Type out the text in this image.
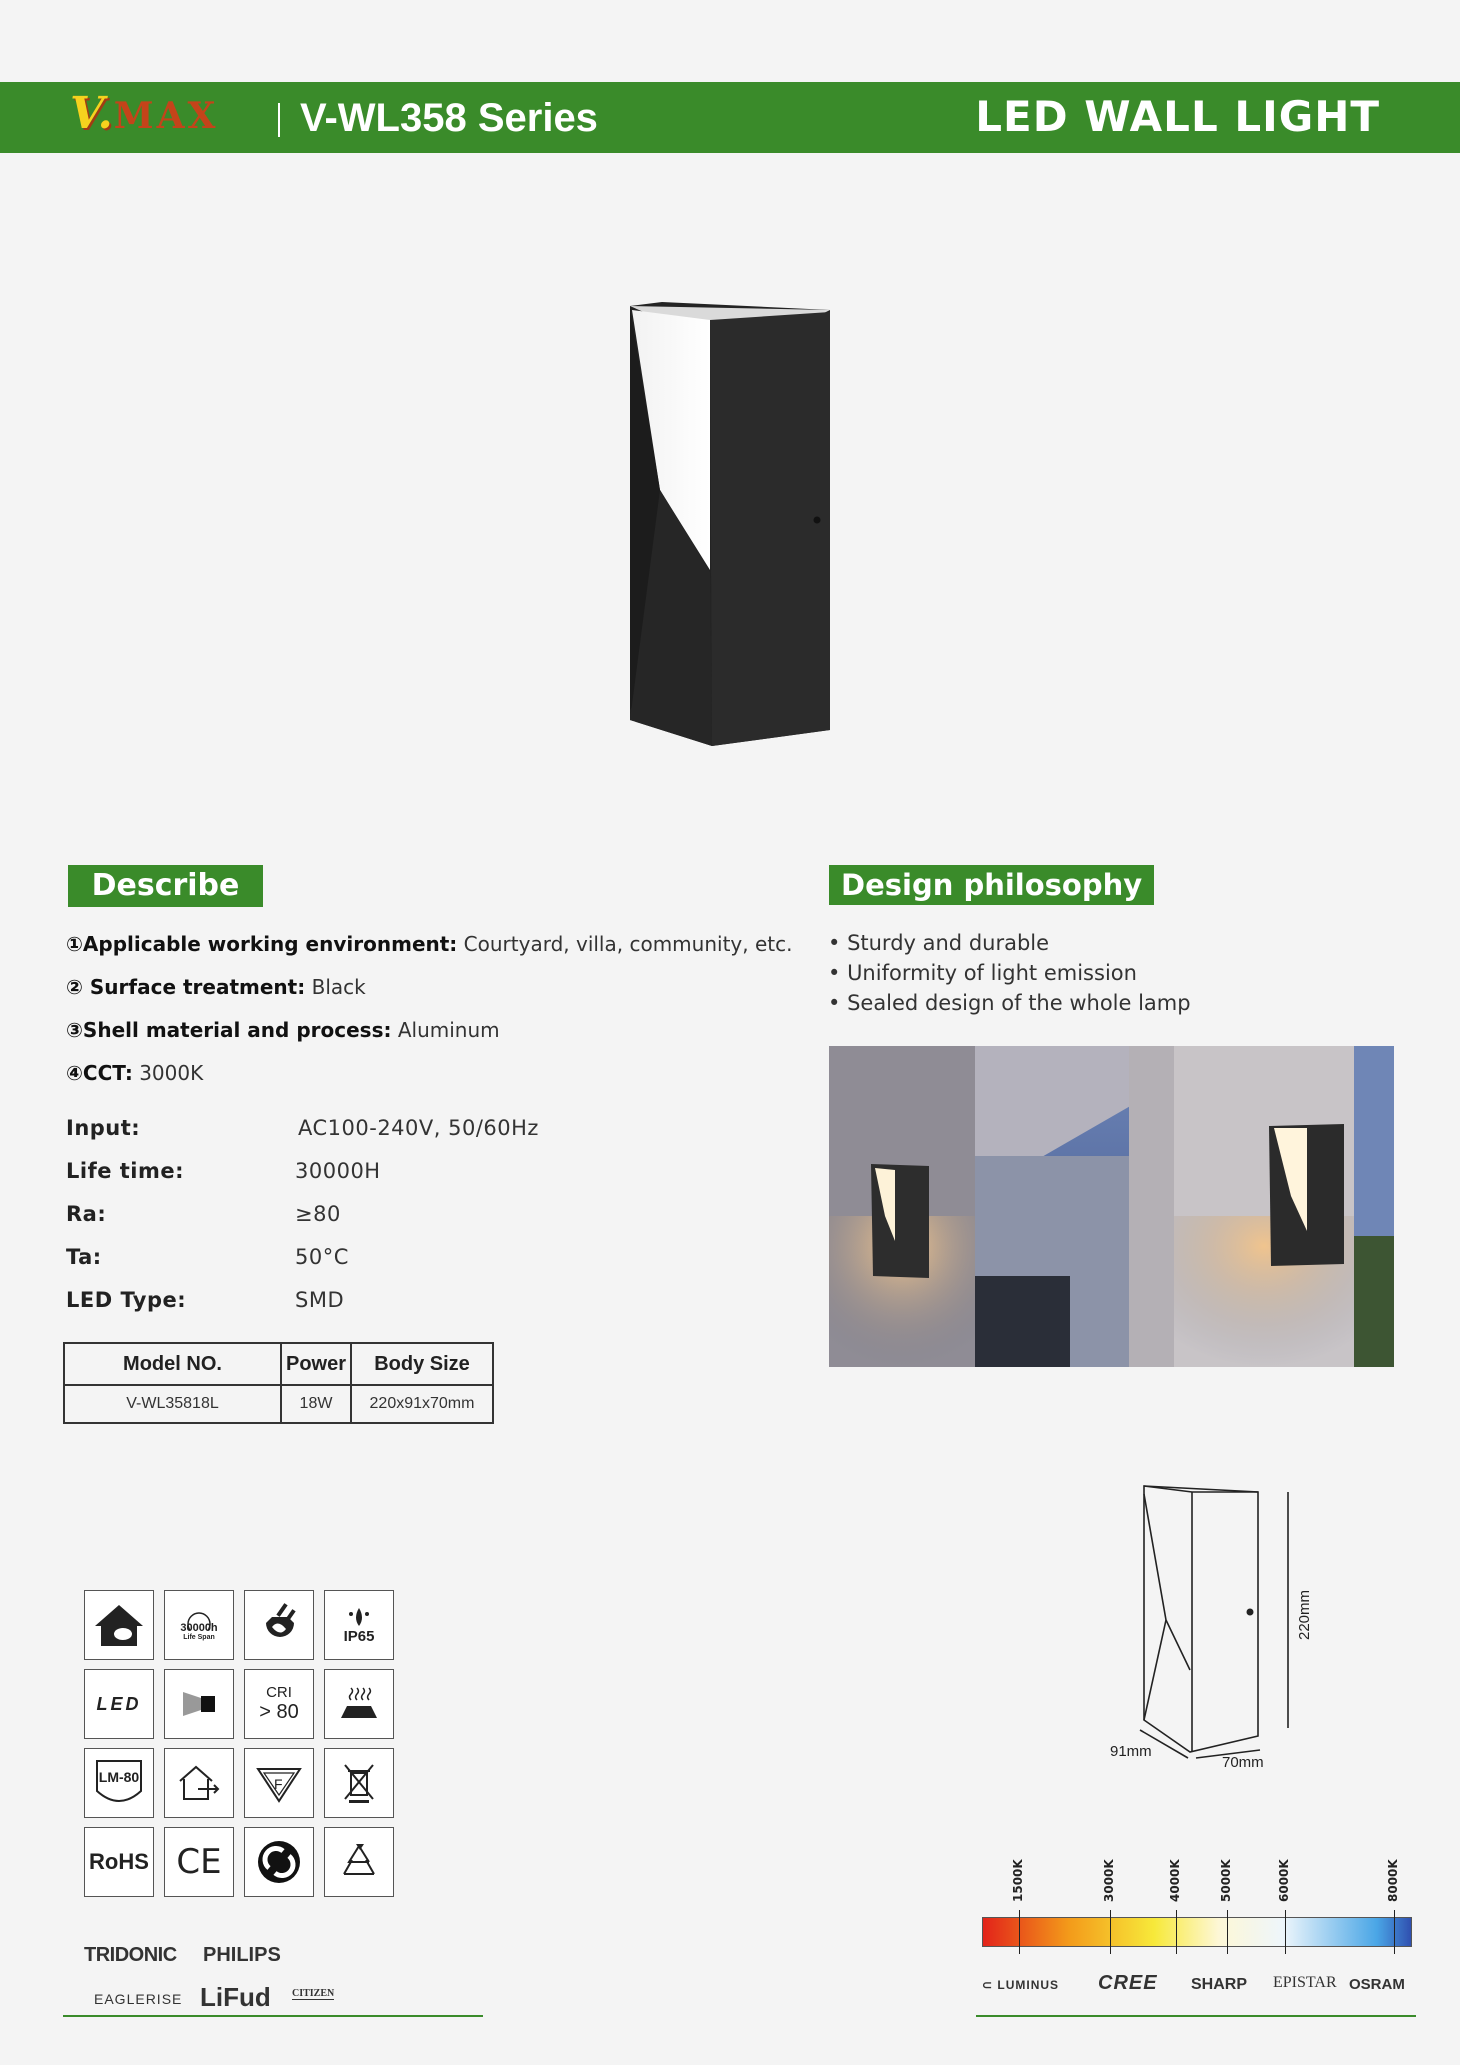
V.MAX V-WL358 Series	LED WALL LIGHT
Describe
①Applicable working environment: Courtyard, villa, community, etc.
② Surface treatment: Black
③Shell material and process: Aluminum
④CCT: 3000K
Input:	AC100-240V, 50/60Hz
Life time:	30000H
Ra:	≥80
Ta:	50°C
LED Type:	SMD
Model NO.	Power	Body Size
V-WL35818L	18W	220x91x70mm
Design philosophy
• Sturdy and durable
• Uniformity of light emission
• Sealed design of the whole lamp
220mm
91mm
70mm
30000h
Life Span	IP65
LED
CRI
> 80
LM-80	F
RoHS CE
TRIDONIC PHILIPS
EAGLERISE LiFud CITIZEN
1500K	3000K	4000K	5000K	6000K	8000K
⊂ LUMINUS CREE SHARP EPISTAR OSRAM
